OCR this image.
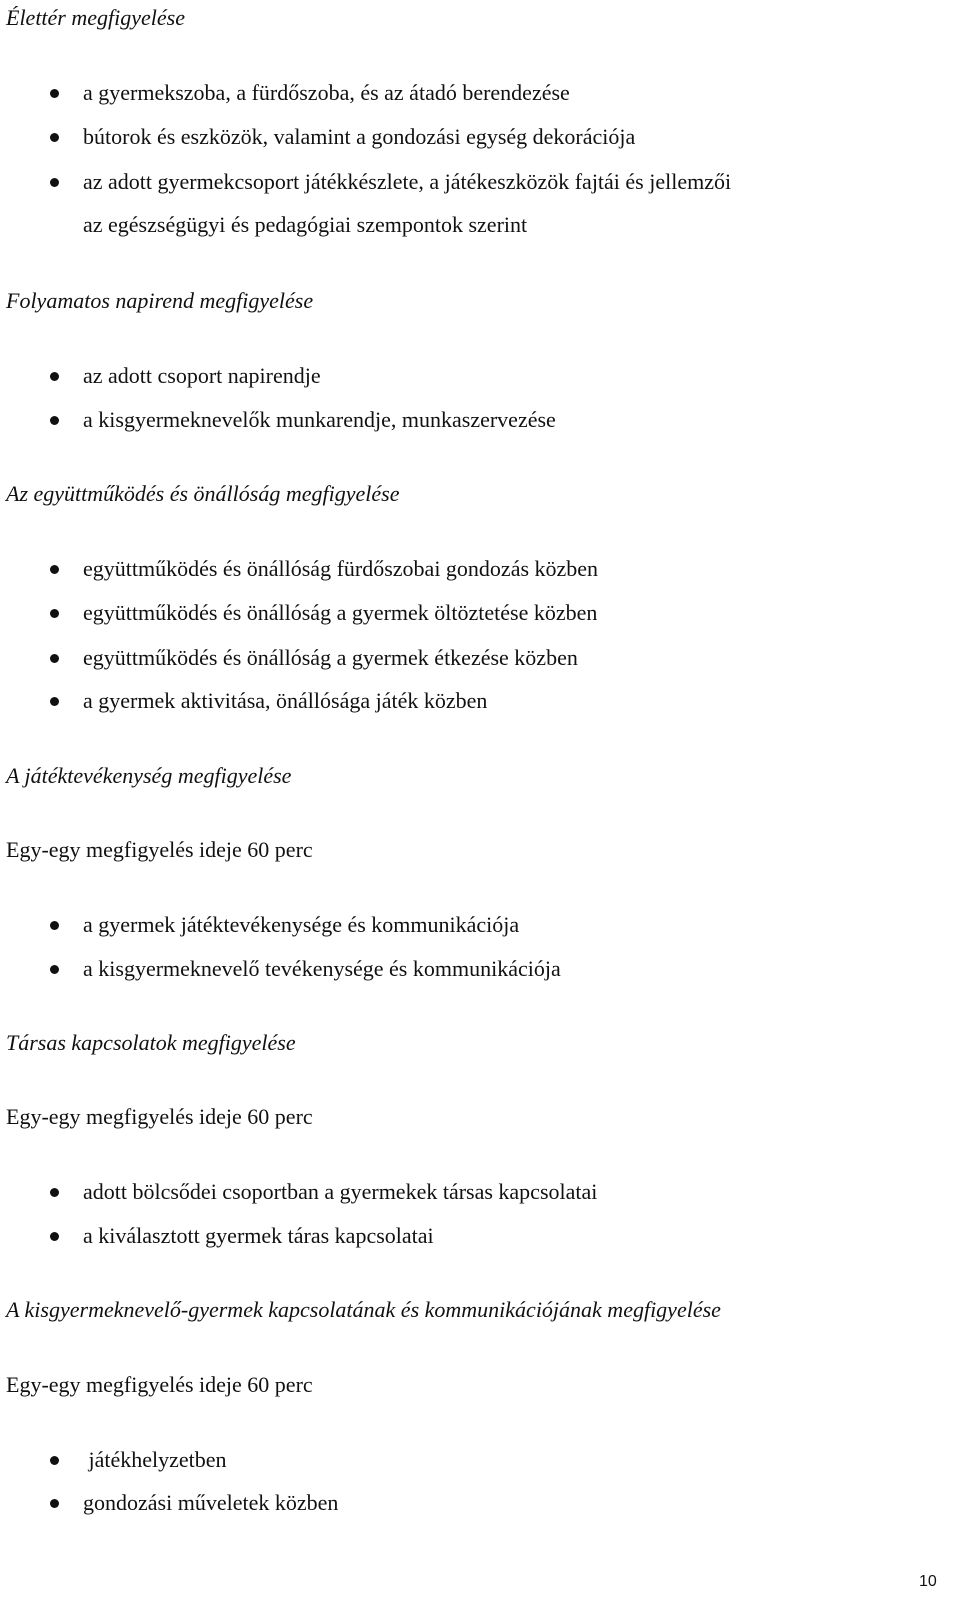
Élettér megfigyelése
a gyermekszoba, a fürdőszoba, és az átadó berendezése
bútorok és eszközök, valamint a gondozási egység dekorációja
az adott gyermekcsoport játékkészlete, a játékeszközök fajtái és jellemzői
az egészségügyi és pedagógiai szempontok szerint
Folyamatos napirend megfigyelése
az adott csoport napirendje
a kisgyermeknevelők munkarendje, munkaszervezése
Az együttműködés és önállóság megfigyelése
együttműködés és önállóság fürdőszobai gondozás közben
együttműködés és önállóság a gyermek öltöztetése közben
együttműködés és önállóság a gyermek étkezése közben
a gyermek aktivitása, önállósága játék közben
A játéktevékenység megfigyelése
Egy-egy megfigyelés ideje 60 perc
a gyermek játéktevékenysége és kommunikációja
a kisgyermeknevelő tevékenysége és kommunikációja
Társas kapcsolatok megfigyelése
Egy-egy megfigyelés ideje 60 perc
adott bölcsődei csoportban a gyermekek társas kapcsolatai
a kiválasztott gyermek táras kapcsolatai
A kisgyermeknevelő-gyermek kapcsolatának és kommunikációjának megfigyelése
Egy-egy megfigyelés ideje 60 perc
játékhelyzetben
gondozási műveletek közben
10
